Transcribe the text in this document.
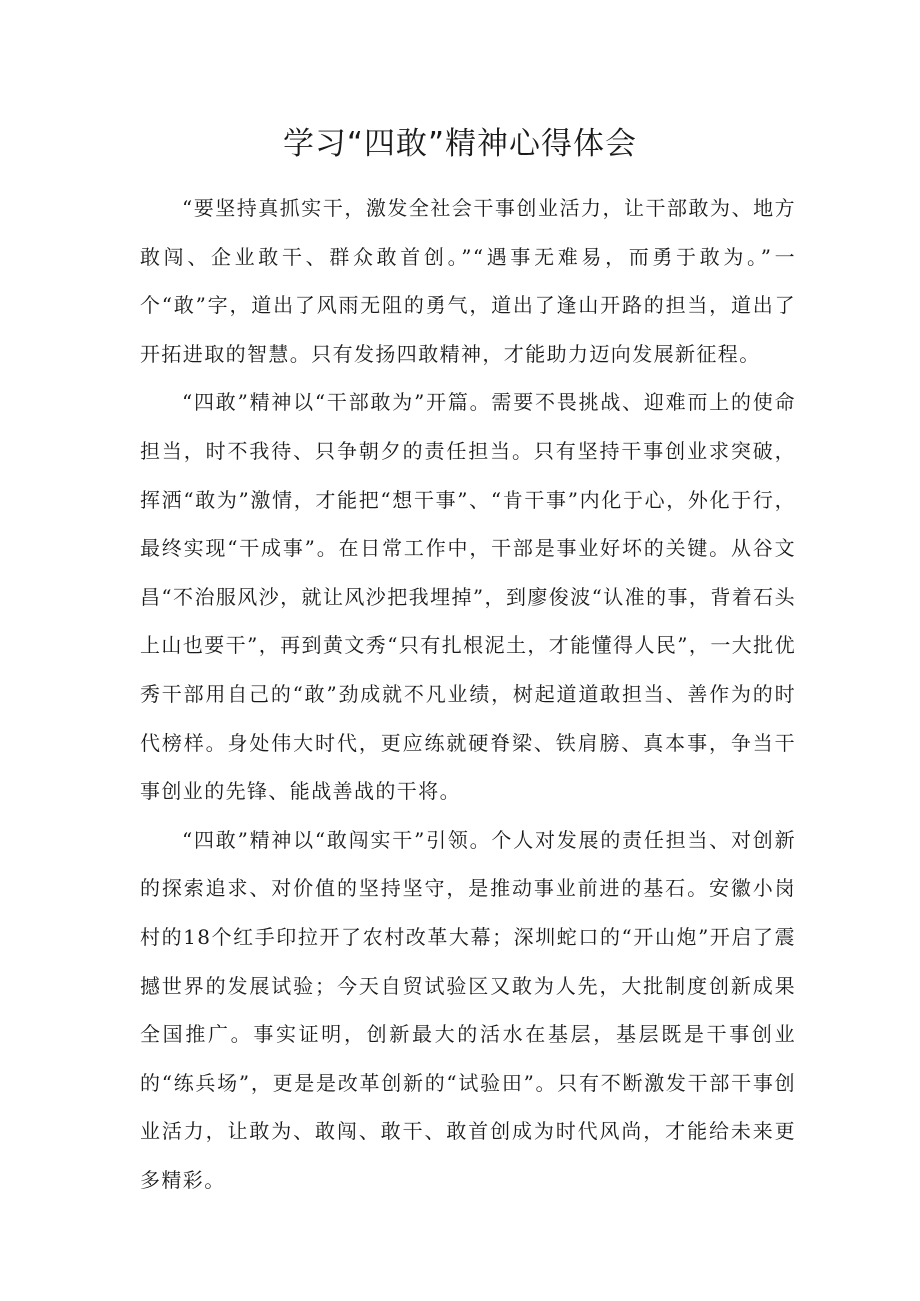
学习“四敢”精神心得体会

“要坚持真抓实干，激发全社会干事创业活力，让干部敢为、地方敢闯、企业敢干、群众敢首创。”“遇事无难易，而勇于敢为。”一个“敢”字，道出了风雨无阻的勇气，道出了逢山开路的担当，道出了开拓进取的智慧。只有发扬四敢精神，才能助力迈向发展新征程。

“四敢”精神以“干部敢为”开篇。需要不畏挑战、迎难而上的使命担当，时不我待、只争朝夕的责任担当。只有坚持干事创业求突破，挥洒“敢为”激情，才能把“想干事”、“肯干事”内化于心，外化于行，最终实现“干成事”。在日常工作中，干部是事业好坏的关键。从谷文昌“不治服风沙，就让风沙把我埋掉”，到廖俊波“认准的事，背着石头上山也要干”，再到黄文秀“只有扎根泥土，才能懂得人民”，一大批优秀干部用自己的“敢”劲成就不凡业绩，树起道道敢担当、善作为的时代榜样。身处伟大时代，更应练就硬脊梁、铁肩膀、真本事，争当干事创业的先锋、能战善战的干将。

“四敢”精神以“敢闯实干”引领。个人对发展的责任担当、对创新的探索追求、对价值的坚持坚守，是推动事业前进的基石。安徽小岗村的18个红手印拉开了农村改革大幕；深圳蛇口的“开山炮”开启了震撼世界的发展试验；今天自贸试验区又敢为人先，大批制度创新成果全国推广。事实证明，创新最大的活水在基层，基层既是干事创业的“练兵场”，更是是改革创新的“试验田”。只有不断激发干部干事创业活力，让敢为、敢闯、敢干、敢首创成为时代风尚，才能给未来更多精彩。
